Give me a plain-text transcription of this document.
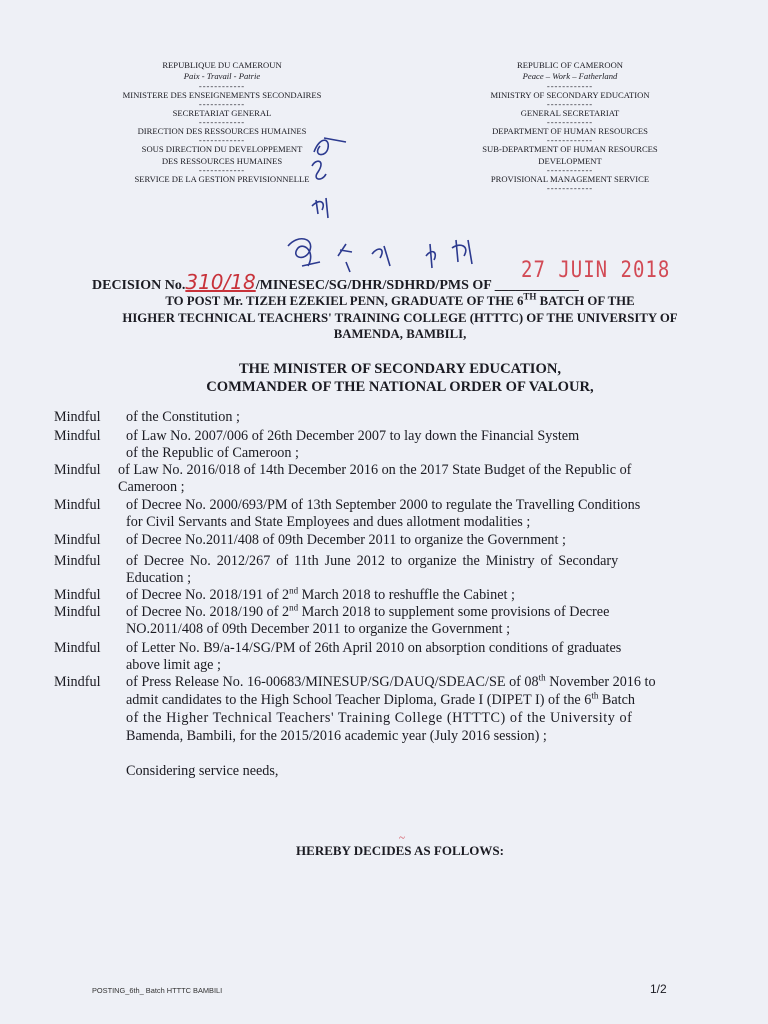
REPUBLIQUE DU CAMEROUN
Paix - Travail - Patrie
------------
MINISTERE DES ENSEIGNEMENTS SECONDAIRES
------------
SECRETARIAT GENERAL
------------
DIRECTION DES RESSOURCES HUMAINES
------------
SOUS DIRECTION DU DEVELOPPEMENT
DES RESSOURCES HUMAINES
------------
SERVICE DE LA GESTION PREVISIONNELLE
REPUBLIC OF CAMEROON
Peace – Work – Fatherland
------------
MINISTRY OF SECONDARY EDUCATION
------------
GENERAL SECRETARIAT
------------
DEPARTMENT OF HUMAN RESOURCES
------------
SUB-DEPARTMENT OF HUMAN RESOURCES
DEVELOPMENT
------------
PROVISIONAL MANAGEMENT SERVICE
------------
DECISION No.310/18/MINESEC/SG/DHR/SDHRD/PMS OF ____________
27 JUIN 2018
TO POST Mr. TIZEH EZEKIEL PENN, GRADUATE OF THE 6TH BATCH OF THE
HIGHER TECHNICAL TEACHERS' TRAINING COLLEGE (HTTTC) OF THE UNIVERSITY OF
BAMENDA, BAMBILI,
THE MINISTER OF SECONDARY EDUCATION,
COMMANDER OF THE NATIONAL ORDER OF VALOUR,
Mindful of the Constitution ;
Mindful of Law No. 2007/006 of 26th December 2007 to lay down the Financial System
of the Republic of Cameroon ;
Mindful of Law No. 2016/018 of 14th December 2016 on the 2017 State Budget of the Republic of
Cameroon ;
Mindful of Decree No. 2000/693/PM of 13th September 2000 to regulate the Travelling Conditions
for Civil Servants and State Employees and dues allotment modalities ;
Mindful of Decree No.2011/408 of 09th December 2011 to organize the Government ;
Mindful of Decree No. 2012/267 of 11th June 2012 to organize the Ministry of Secondary
Education ;
Mindful of Decree No. 2018/191 of 2nd March 2018 to reshuffle the Cabinet ;
Mindful of Decree No. 2018/190 of 2nd March 2018 to supplement some provisions of Decree
NO.2011/408 of 09th December 2011 to organize the Government ;
Mindful of Letter No. B9/a-14/SG/PM of 26th April 2010 on absorption conditions of graduates
above limit age ;
Mindful of Press Release No. 16-00683/MINESUP/SG/DAUQ/SDEAC/SE of 08th November 2016 to
admit candidates to the High School Teacher Diploma, Grade I (DIPET I) of the 6th Batch
of the Higher Technical Teachers' Training College (HTTTC) of the University of
Bamenda, Bambili, for the 2015/2016 academic year (July 2016 session) ;
Considering service needs,
~
HEREBY DECIDES AS FOLLOWS:
POSTING_6th_ Batch HTTTC BAMBILI	1/2
